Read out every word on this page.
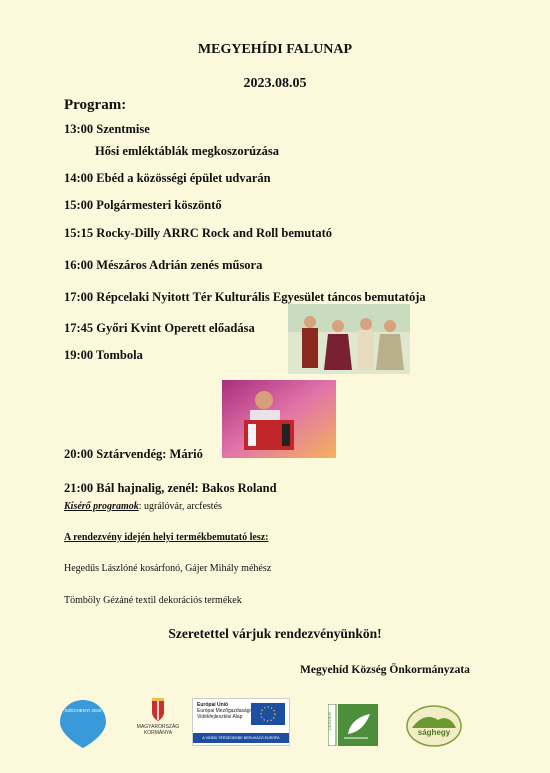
MEGYEHÍDI FALUNAP
2023.08.05
Program:
13:00 Szentmise
Hősi emléktáblák megkoszorúzása
14:00 Ebéd a közösségi épület udvarán
15:00 Polgármesteri köszöntő
15:15 Rocky-Dilly ARRC Rock and Roll bemutató
16:00 Mészáros Adrián zenés műsora
17:00 Répcelaki Nyitott Tér Kulturális Egyesület táncos bemutatója
17:45 Győri Kvint Operett előadása
19:00 Tombola
20:00 Sztárvendég: Márió
21:00 Bál hajnalig, zenél: Bakos Roland
Kísérő programok: ugrálóvár, arcfestés
A rendezvény idején helyi termékbemutató lesz:
Hegedűs Lászlóné kosárfonó, Gájer Mihály méhész
Tömböly Gézáné textil dekorációs termékek
Szeretettel várjuk rendezvényünkön!
Megyehíd Község Önkormányzata
SZÉCHENYI 2020
MAGYARORSZÁG
KORMÁNYA
Európai Unió
Európai Mezőgazdasági
Vidékfejlesztési Alap
A VIDÉKI TÉRSÉGEKBE BERUHÁZÓ EURÓPA
LEADER
sághegy
